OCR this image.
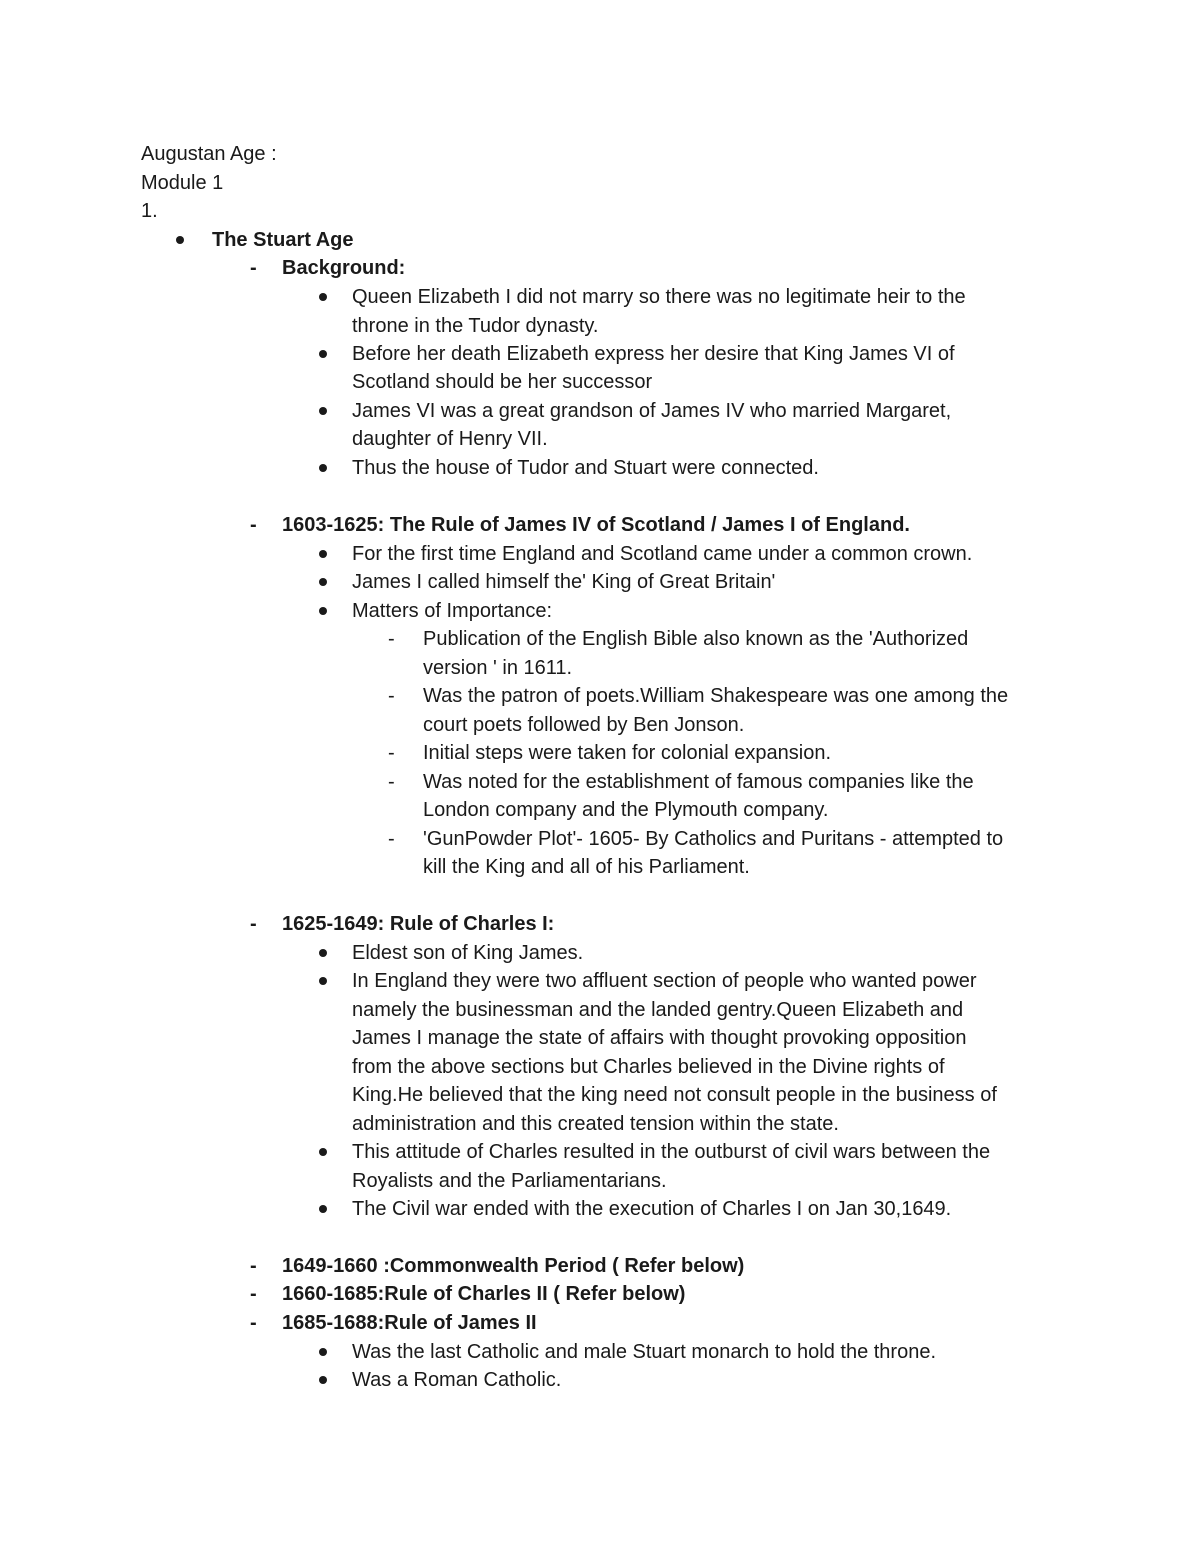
Augustan Age :
Module 1
1.
The Stuart Age
- Background:
Queen Elizabeth I did not marry so there was no legitimate heir to the
throne in the Tudor dynasty.
Before her death Elizabeth express her desire that King James VI of
Scotland should be her successor
James VI was a great grandson of James IV who married Margaret,
daughter of Henry VII.
Thus the house of Tudor and Stuart were connected.
- 1603-1625: The Rule of James IV of Scotland / James I of England.
For the first time England and Scotland came under a common crown.
James I called himself the' King of Great Britain'
Matters of Importance:
- Publication of the English Bible also known as the 'Authorized
version ' in 1611.
- Was the patron of poets.William Shakespeare was one among the
court poets followed by Ben Jonson.
- Initial steps were taken for colonial expansion.
- Was noted for the establishment of famous companies like the
London company and the Plymouth company.
- 'GunPowder Plot'- 1605- By Catholics and Puritans - attempted to
kill the King and all of his Parliament.
- 1625-1649: Rule of Charles I:
Eldest son of King James.
In England they were two affluent section of people who wanted power
namely the businessman and the landed gentry.Queen Elizabeth and
James I manage the state of affairs with thought provoking opposition
from the above sections but Charles believed in the Divine rights of
King.He believed that the king need not consult people in the business of
administration and this created tension within the state.
This attitude of Charles resulted in the outburst of civil wars between the
Royalists and the Parliamentarians.
The Civil war ended with the execution of Charles I on Jan 30,1649.
- 1649-1660 :Commonwealth Period ( Refer below)
- 1660-1685:Rule of Charles II ( Refer below)
- 1685-1688:Rule of James II
Was the last Catholic and male Stuart monarch to hold the throne.
Was a Roman Catholic.
